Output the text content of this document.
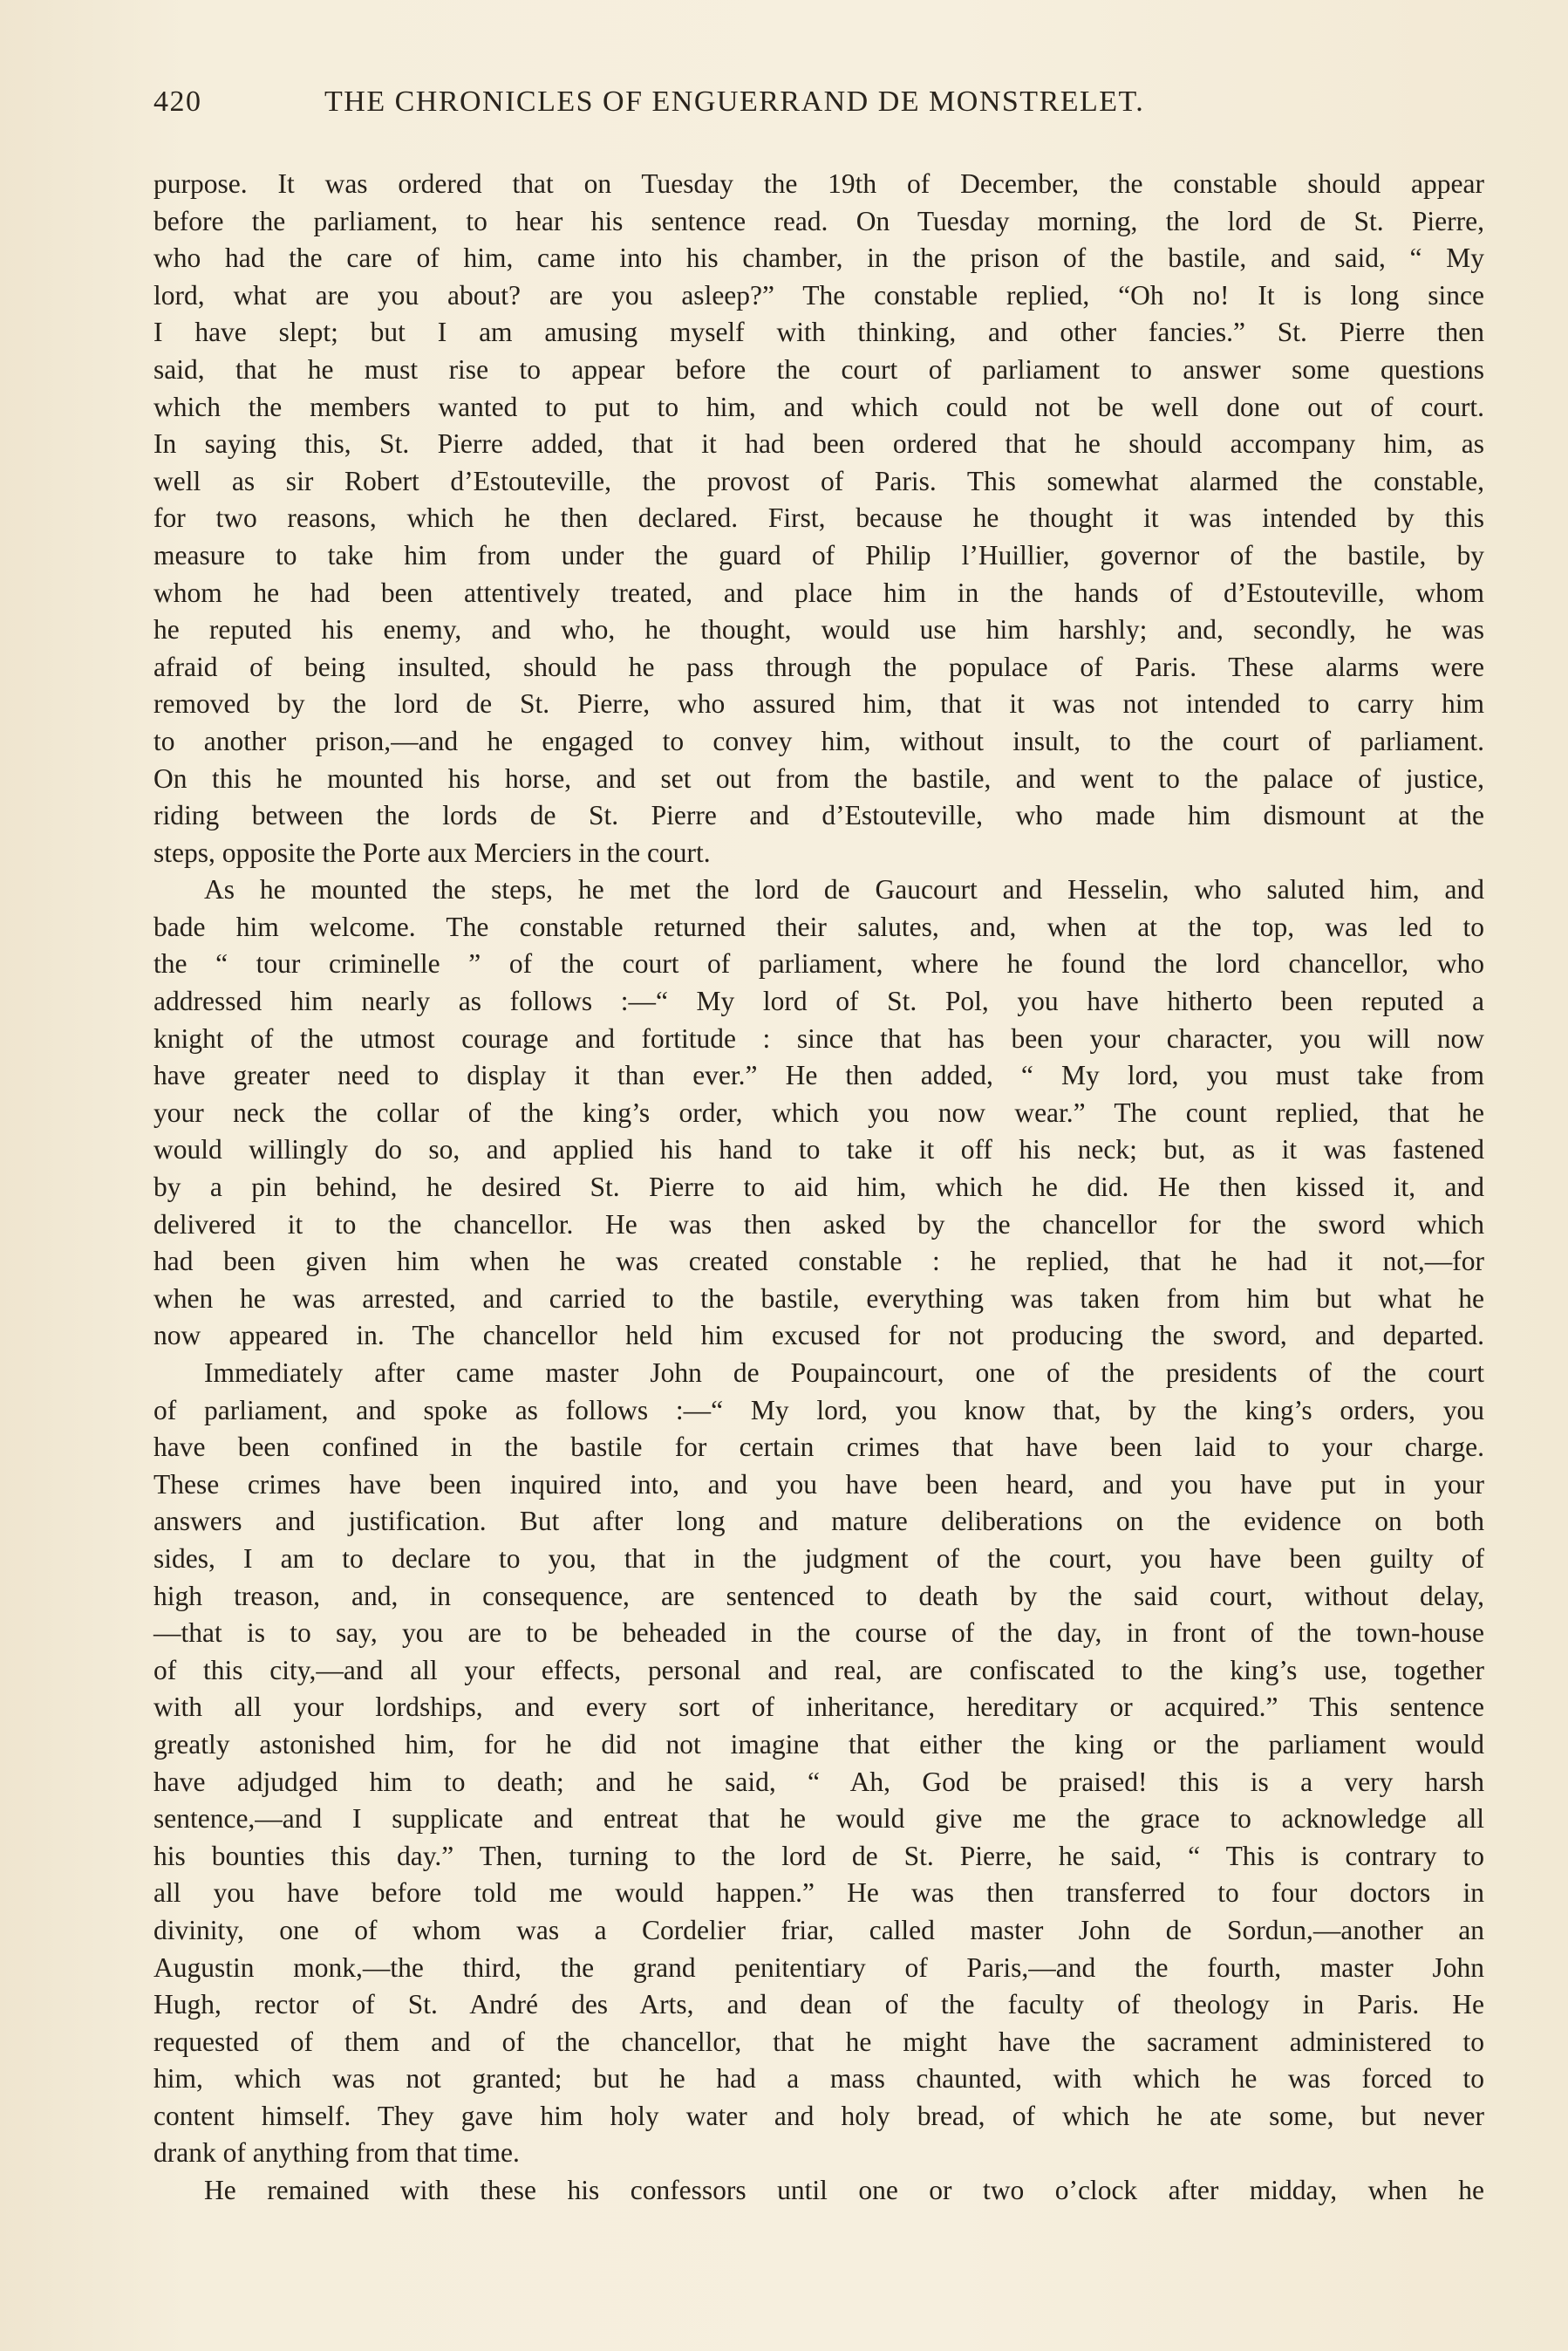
420	THE CHRONICLES OF ENGUERRAND DE MONSTRELET.
purpose. It was ordered that on Tuesday the 19th of December, the constable should appear
before the parliament, to hear his sentence read. On Tuesday morning, the lord de St. Pierre,
who had the care of him, came into his chamber, in the prison of the bastile, and said, “ My
lord, what are you about? are you asleep?” The constable replied, “Oh no! It is long since
I have slept; but I am amusing myself with thinking, and other fancies.” St. Pierre then
said, that he must rise to appear before the court of parliament to answer some questions
which the members wanted to put to him, and which could not be well done out of court.
In saying this, St. Pierre added, that it had been ordered that he should accompany him, as
well as sir Robert d’Estouteville, the provost of Paris. This somewhat alarmed the constable,
for two reasons, which he then declared. First, because he thought it was intended by this
measure to take him from under the guard of Philip l’Huillier, governor of the bastile, by
whom he had been attentively treated, and place him in the hands of d’Estouteville, whom
he reputed his enemy, and who, he thought, would use him harshly; and, secondly, he was
afraid of being insulted, should he pass through the populace of Paris. These alarms were
removed by the lord de St. Pierre, who assured him, that it was not intended to carry him
to another prison,—and he engaged to convey him, without insult, to the court of parliament.
On this he mounted his horse, and set out from the bastile, and went to the palace of justice,
riding between the lords de St. Pierre and d’Estouteville, who made him dismount at the
steps, opposite the Porte aux Merciers in the court.
As he mounted the steps, he met the lord de Gaucourt and Hesselin, who saluted him, and
bade him welcome. The constable returned their salutes, and, when at the top, was led to
the “ tour criminelle ” of the court of parliament, where he found the lord chancellor, who
addressed him nearly as follows :—“ My lord of St. Pol, you have hitherto been reputed a
knight of the utmost courage and fortitude : since that has been your character, you will now
have greater need to display it than ever.” He then added, “ My lord, you must take from
your neck the collar of the king’s order, which you now wear.” The count replied, that he
would willingly do so, and applied his hand to take it off his neck; but, as it was fastened
by a pin behind, he desired St. Pierre to aid him, which he did. He then kissed it, and
delivered it to the chancellor. He was then asked by the chancellor for the sword which
had been given him when he was created constable : he replied, that he had it not,—for
when he was arrested, and carried to the bastile, everything was taken from him but what he
now appeared in. The chancellor held him excused for not producing the sword, and departed.
Immediately after came master John de Poupaincourt, one of the presidents of the court
of parliament, and spoke as follows :—“ My lord, you know that, by the king’s orders, you
have been confined in the bastile for certain crimes that have been laid to your charge.
These crimes have been inquired into, and you have been heard, and you have put in your
answers and justification. But after long and mature deliberations on the evidence on both
sides, I am to declare to you, that in the judgment of the court, you have been guilty of
high treason, and, in consequence, are sentenced to death by the said court, without delay,
—that is to say, you are to be beheaded in the course of the day, in front of the town-house
of this city,—and all your effects, personal and real, are confiscated to the king’s use, together
with all your lordships, and every sort of inheritance, hereditary or acquired.” This sentence
greatly astonished him, for he did not imagine that either the king or the parliament would
have adjudged him to death; and he said, “ Ah, God be praised! this is a very harsh
sentence,—and I supplicate and entreat that he would give me the grace to acknowledge all
his bounties this day.” Then, turning to the lord de St. Pierre, he said, “ This is contrary to
all you have before told me would happen.” He was then transferred to four doctors in
divinity, one of whom was a Cordelier friar, called master John de Sordun,—another an
Augustin monk,—the third, the grand penitentiary of Paris,—and the fourth, master John
Hugh, rector of St. André des Arts, and dean of the faculty of theology in Paris. He
requested of them and of the chancellor, that he might have the sacrament administered to
him, which was not granted; but he had a mass chaunted, with which he was forced to
content himself. They gave him holy water and holy bread, of which he ate some, but never
drank of anything from that time.
He remained with these his confessors until one or two o’clock after midday, when he
